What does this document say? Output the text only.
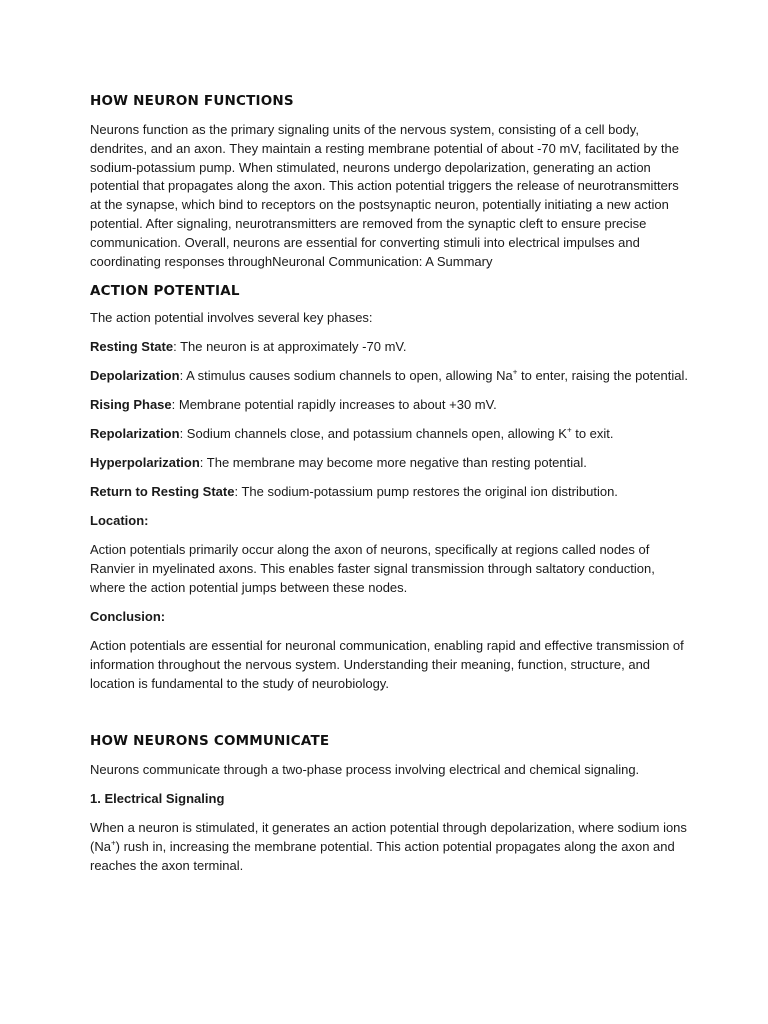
HOW NEURON FUNCTIONS

Neurons function as the primary signaling units of the nervous system, consisting of a cell body, dendrites, and an axon. They maintain a resting membrane potential of about -70 mV, facilitated by the sodium-potassium pump. When stimulated, neurons undergo depolarization, generating an action potential that propagates along the axon. This action potential triggers the release of neurotransmitters at the synapse, which bind to receptors on the postsynaptic neuron, potentially initiating a new action potential. After signaling, neurotransmitters are removed from the synaptic cleft to ensure precise communication. Overall, neurons are essential for converting stimuli into electrical impulses and coordinating responses throughNeuronal Communication: A Summary

ACTION POTENTIAL

The action potential involves several key phases:

Resting State: The neuron is at approximately -70 mV.

Depolarization: A stimulus causes sodium channels to open, allowing Na+ to enter, raising the potential.

Rising Phase: Membrane potential rapidly increases to about +30 mV.

Repolarization: Sodium channels close, and potassium channels open, allowing K+ to exit.

Hyperpolarization: The membrane may become more negative than resting potential.

Return to Resting State: The sodium-potassium pump restores the original ion distribution.

Location:

Action potentials primarily occur along the axon of neurons, specifically at regions called nodes of Ranvier in myelinated axons. This enables faster signal transmission through saltatory conduction, where the action potential jumps between these nodes.

Conclusion:

Action potentials are essential for neuronal communication, enabling rapid and effective transmission of information throughout the nervous system. Understanding their meaning, function, structure, and location is fundamental to the study of neurobiology.

HOW NEURONS COMMUNICATE

Neurons communicate through a two-phase process involving electrical and chemical signaling.

1. Electrical Signaling

When a neuron is stimulated, it generates an action potential through depolarization, where sodium ions (Na+) rush in, increasing the membrane potential. This action potential propagates along the axon and reaches the axon terminal.
